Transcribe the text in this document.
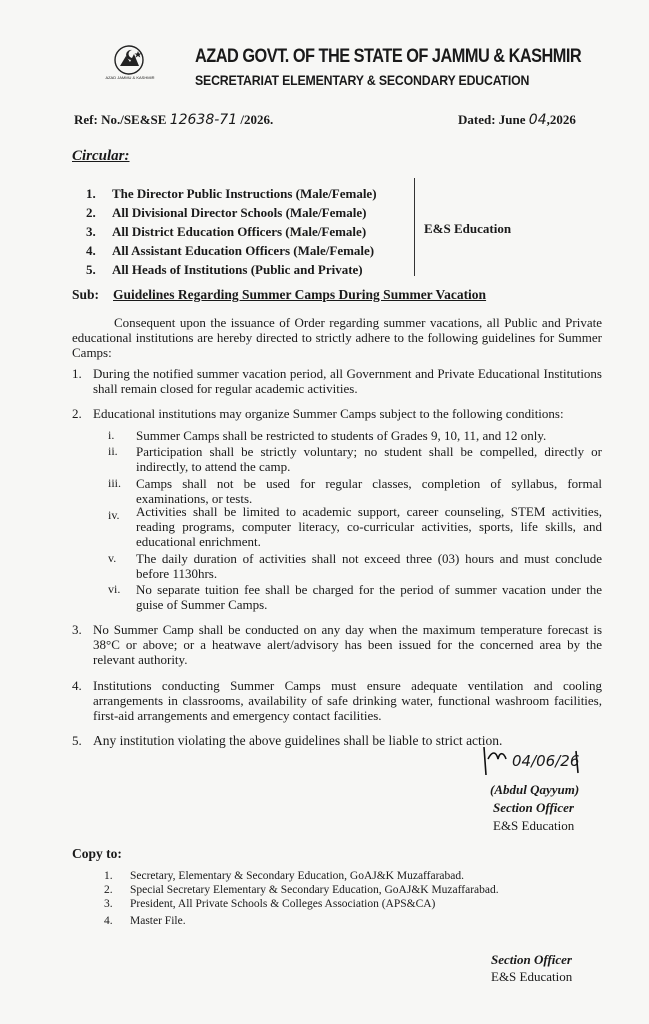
AZAD JAMMU & KASHMIR
AZAD GOVT. OF THE STATE OF JAMMU & KASHMIR
SECRETARIAT ELEMENTARY & SECONDARY EDUCATION
Ref: No./SE&SE 12638-71 /2026.	Dated: June 04,2026
Circular:
1. The Director Public Instructions (Male/Female)
2. All Divisional Director Schools (Male/Female)
3. All District Education Officers (Male/Female)
4. All Assistant Education Officers (Male/Female)
5. All Heads of Institutions (Public and Private)
E&S Education
Sub: Guidelines Regarding Summer Camps During Summer Vacation
Consequent upon the issuance of Order regarding summer vacations, all Public and Private educational institutions are hereby directed to strictly adhere to the following guidelines for Summer Camps:
1. During the notified summer vacation period, all Government and Private Educational Institutions shall remain closed for regular academic activities.
2. Educational institutions may organize Summer Camps subject to the following conditions:
i. Summer Camps shall be restricted to students of Grades 9, 10, 11, and 12 only.
ii. Participation shall be strictly voluntary; no student shall be compelled, directly or indirectly, to attend the camp.
iii. Camps shall not be used for regular classes, completion of syllabus, formal examinations, or tests.
iv. Activities shall be limited to academic support, career counseling, STEM activities, reading programs, computer literacy, co-curricular activities, sports, life skills, and educational enrichment.
v. The daily duration of activities shall not exceed three (03) hours and must conclude before 1130hrs.
vi. No separate tuition fee shall be charged for the period of summer vacation under the guise of Summer Camps.
3. No Summer Camp shall be conducted on any day when the maximum temperature forecast is 38°C or above; or a heatwave alert/advisory has been issued for the concerned area by the relevant authority.
4. Institutions conducting Summer Camps must ensure adequate ventilation and cooling arrangements in classrooms, availability of safe drinking water, functional washroom facilities, first-aid arrangements and emergency contact facilities.
5. Any institution violating the above guidelines shall be liable to strict action.
04/06/26
(Abdul Qayyum)
Section Officer
E&S Education
Copy to:
1. Secretary, Elementary & Secondary Education, GoAJ&K Muzaffarabad.
2. Special Secretary Elementary & Secondary Education, GoAJ&K Muzaffarabad.
3. President, All Private Schools & Colleges Association (APS&CA)
4. Master File.
Section Officer
E&S Education
